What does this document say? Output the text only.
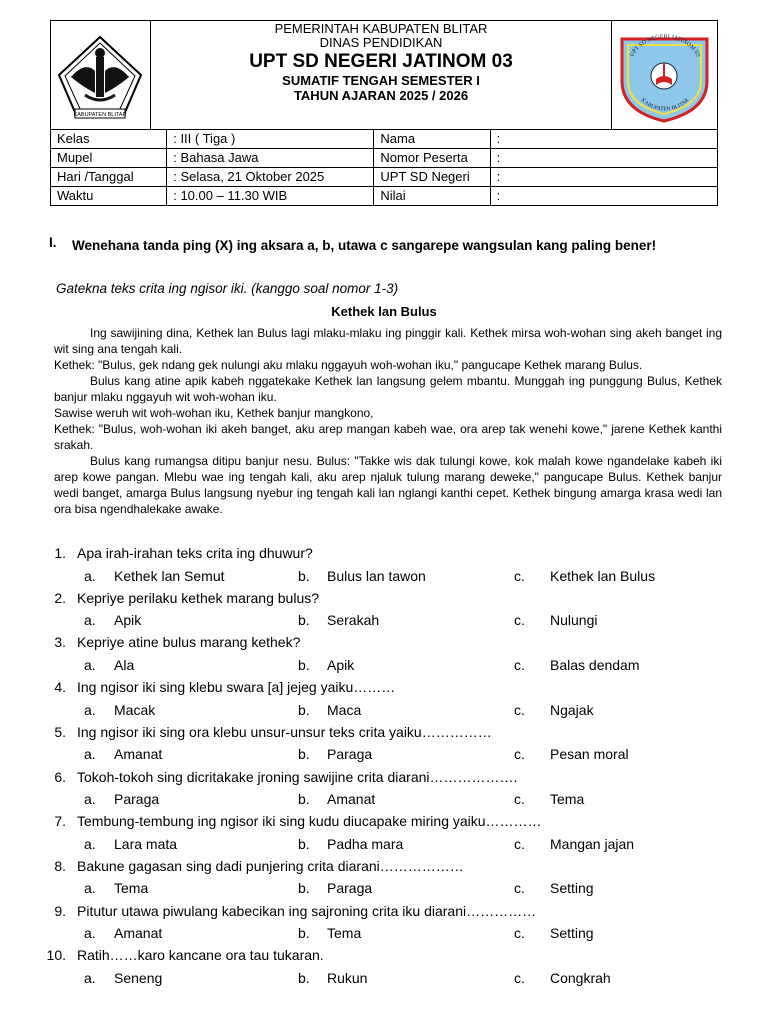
KABUPATEN BLITAR
PEMERINTAH KABUPATEN BLITAR
DINAS PENDIDIKAN
UPT SD NEGERI JATINOM 03
SUMATIF TENGAH SEMESTER I
TAHUN AJARAN 2025 / 2026
UPT SD NEGERI JATINOM 03
KABUPATEN BLITAR
Kelas	: III ( Tiga )	Nama	:
Mupel	: Bahasa Jawa	Nomor Peserta	:
Hari /Tanggal	: Selasa, 21 Oktober 2025	UPT SD Negeri	:
Waktu	: 10.00 – 11.30 WIB	Nilai	:
I. Wenehana tanda ping (X) ing aksara a, b, utawa c sangarepe wangsulan kang paling bener!
Gatekna teks crita ing ngisor iki. (kanggo soal nomor 1-3)
Kethek lan Bulus

Ing sawijining dina, Kethek lan Bulus lagi mlaku-mlaku ing pinggir kali. Kethek mirsa woh-wohan sing akeh banget ing wit sing ana tengah kali.

Kethek: "Bulus, gek ndang gek nulungi aku mlaku nggayuh woh-wohan iku," pangucape Kethek marang Bulus.

Bulus kang atine apik kabeh nggatekake Kethek lan langsung gelem mbantu. Munggah ing punggung Bulus, Kethek banjur mlaku nggayuh wit woh-wohan iku.

Sawise weruh wit woh-wohan iku, Kethek banjur mangkono,

Kethek: "Bulus, woh-wohan iki akeh banget, aku arep mangan kabeh wae, ora arep tak wenehi kowe," jarene Kethek kanthi srakah.

Bulus kang rumangsa ditipu banjur nesu. Bulus: "Takke wis dak tulungi kowe, kok malah kowe ngandelake kabeh iki arep kowe pangan. Mlebu wae ing tengah kali, aku arep njaluk tulung marang deweke," pangucape Bulus. Kethek banjur wedi banget, amarga Bulus langsung nyebur ing tengah kali lan nglangi kanthi cepet. Kethek bingung amarga krasa wedi lan ora bisa ngendhalekake awake.

1. Apa irah-irahan teks crita ing dhuwur?
a. Kethek lan Semut	b. Bulus lan tawon	c. Kethek lan Bulus
2. Kepriye perilaku kethek marang bulus?
a. Apik	b. Serakah	c. Nulungi
3. Kepriye atine bulus marang kethek?
a. Ala	b. Apik	c. Balas dendam
4. Ing ngisor iki sing klebu swara [a] jejeg yaiku………
a. Macak	b. Maca	c. Ngajak
5. Ing ngisor iki sing ora klebu unsur-unsur teks crita yaiku……………
a. Amanat	b. Paraga	c. Pesan moral
6. Tokoh-tokoh sing dicritakake jroning sawijine crita diarani……………….
a. Paraga	b. Amanat	c. Tema
7. Tembung-tembung ing ngisor iki sing kudu diucapake miring yaiku…………
a. Lara mata	b. Padha mara	c. Mangan jajan
8. Bakune gagasan sing dadi punjering crita diarani………………
a. Tema	b. Paraga	c. Setting
9. Pitutur utawa piwulang kabecikan ing sajroning crita iku diarani……………
a. Amanat	b. Tema	c. Setting
10. Ratih……karo kancane ora tau tukaran.
a. Seneng	b. Rukun	c. Congkrah
